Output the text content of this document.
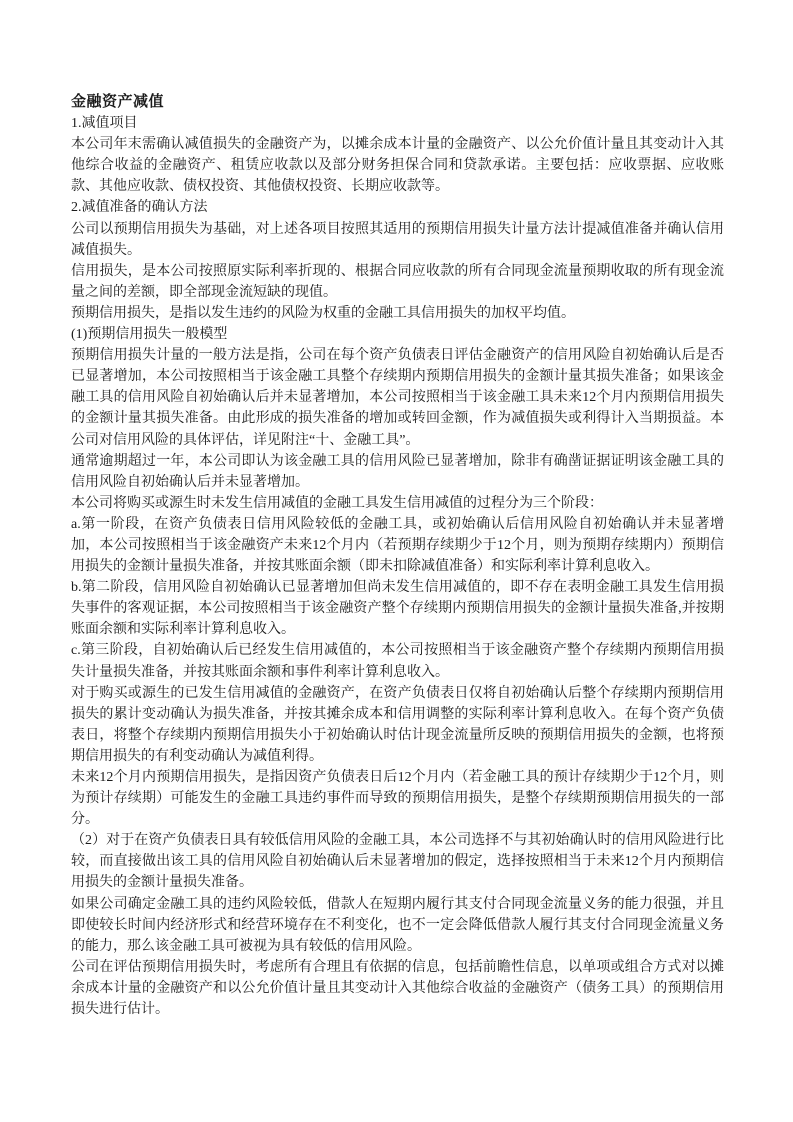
金融资产减值

1.减值项目

本公司年末需确认减值损失的金融资产为，以摊余成本计量的金融资产、以公允价值计量且其变动计入其他综合收益的金融资产、租赁应收款以及部分财务担保合同和贷款承诺。主要包括：应收票据、应收账款、其他应收款、债权投资、其他债权投资、长期应收款等。

2.减值准备的确认方法

公司以预期信用损失为基础，对上述各项目按照其适用的预期信用损失计量方法计提减值准备并确认信用减值损失。

信用损失，是本公司按照原实际利率折现的、根据合同应收款的所有合同现金流量预期收取的所有现金流量之间的差额，即全部现金流短缺的现值。

预期信用损失，是指以发生违约的风险为权重的金融工具信用损失的加权平均值。

(1)预期信用损失一般模型

预期信用损失计量的一般方法是指，公司在每个资产负债表日评估金融资产的信用风险自初始确认后是否已显著增加，本公司按照相当于该金融工具整个存续期内预期信用损失的金额计量其损失准备；如果该金融工具的信用风险自初始确认后并未显著增加，本公司按照相当于该金融工具未来12个月内预期信用损失的金额计量其损失准备。由此形成的损失准备的增加或转回金额，作为减值损失或利得计入当期损益。本公司对信用风险的具体评估，详见附注“十、金融工具”。

通常逾期超过一年，本公司即认为该金融工具的信用风险已显著增加，除非有确凿证据证明该金融工具的信用风险自初始确认后并未显著增加。

本公司将购买或源生时未发生信用减值的金融工具发生信用减值的过程分为三个阶段：

a.第一阶段，在资产负债表日信用风险较低的金融工具，或初始确认后信用风险自初始确认并未显著增加，本公司按照相当于该金融资产未来12个月内（若预期存续期少于12个月，则为预期存续期内）预期信用损失的金额计量损失准备，并按其账面余额（即未扣除减值准备）和实际利率计算利息收入。

b.第二阶段，信用风险自初始确认已显著增加但尚未发生信用减值的，即不存在表明金融工具发生信用损失事件的客观证据，本公司按照相当于该金融资产整个存续期内预期信用损失的金额计量损失准备,并按期账面余额和实际利率计算利息收入。

c.第三阶段，自初始确认后已经发生信用减值的，本公司按照相当于该金融资产整个存续期内预期信用损失计量损失准备，并按其账面余额和事件利率计算利息收入。

对于购买或源生的已发生信用减值的金融资产，在资产负债表日仅将自初始确认后整个存续期内预期信用损失的累计变动确认为损失准备，并按其摊余成本和信用调整的实际利率计算利息收入。在每个资产负债表日，将整个存续期内预期信用损失小于初始确认时估计现金流量所反映的预期信用损失的金额，也将预期信用损失的有利变动确认为减值利得。

未来12个月内预期信用损失，是指因资产负债表日后12个月内（若金融工具的预计存续期少于12个月，则为预计存续期）可能发生的金融工具违约事件而导致的预期信用损失，是整个存续期预期信用损失的一部分。

（2）对于在资产负债表日具有较低信用风险的金融工具，本公司选择不与其初始确认时的信用风险进行比较，而直接做出该工具的信用风险自初始确认后未显著增加的假定，选择按照相当于未来12个月内预期信用损失的金额计量损失准备。

如果公司确定金融工具的违约风险较低，借款人在短期内履行其支付合同现金流量义务的能力很强，并且即使较长时间内经济形式和经营环境存在不利变化，也不一定会降低借款人履行其支付合同现金流量义务的能力，那么该金融工具可被视为具有较低的信用风险。

公司在评估预期信用损失时，考虑所有合理且有依据的信息，包括前瞻性信息，以单项或组合方式对以摊余成本计量的金融资产和以公允价值计量且其变动计入其他综合收益的金融资产（债务工具）的预期信用损失进行估计。
